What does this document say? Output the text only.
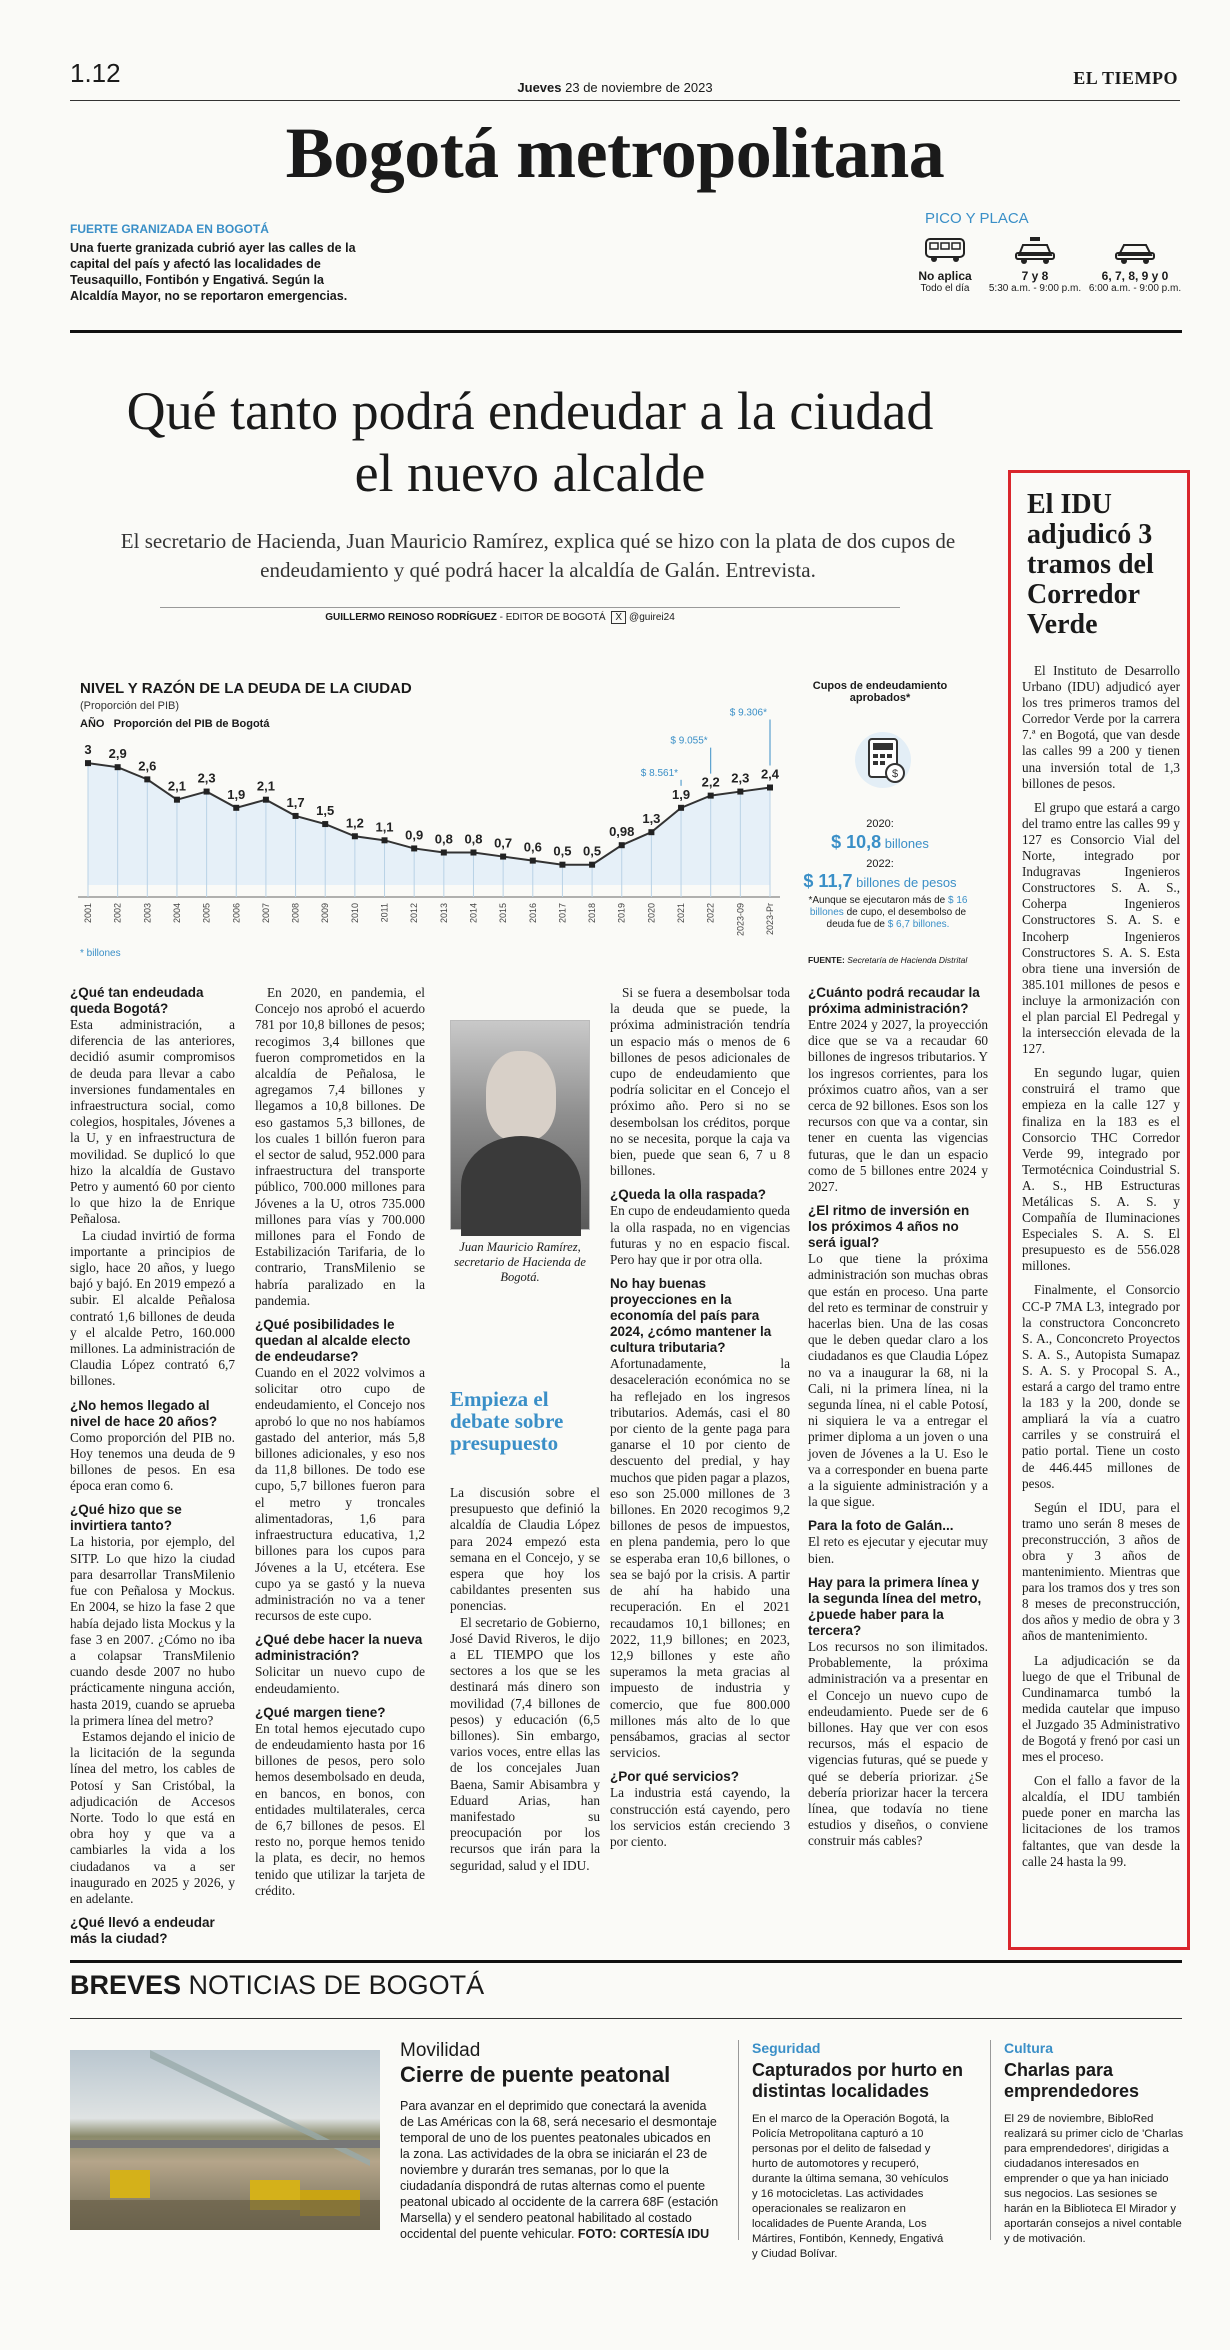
1.12	Jueves 23 de noviembre de 2023	EL TIEMPO
Bogotá metropolitana
FUERTE GRANIZADA EN BOGOTÁ
Una fuerte granizada cubrió ayer las calles de la capital del país y afectó las localidades de Teusaquillo, Fontibón y Engativá. Según la Alcaldía Mayor, no se reportaron emergencias.
PICO Y PLACA
No aplica
Todo el día
7 y 8
5:30 a.m. - 9:00 p.m.
6, 7, 8, 9 y 0
6:00 a.m. - 9:00 p.m.
Qué tanto podrá endeudar a la ciudad el nuevo alcalde
El secretario de Hacienda, Juan Mauricio Ramírez, explica qué se hizo con la plata de dos cupos de endeudamiento y qué podrá hacer la alcaldía de Galán. Entrevista.
GUILLERMO REINOSO RODRÍGUEZ - EDITOR DE BOGOTÁ X @guirei24
NIVEL Y RAZÓN DE LA DEUDA DE LA CIUDAD
(Proporción del PIB)
AÑO Proporción del PIB de Bogotá
3
2001
2,9
2002
2,6
2003
2,1
2004
2,3
2005
1,9
2006
2,1
2007
1,7
2008
1,5
2009
1,2
2010
1,1
2011
0,9
2012
0,8
2013
0,8
2014
0,7
2015
0,6
2016
0,5
2017
0,5
2018
0,98
2019
1,3
2020
1,9
2021
2,2
2022
2,3
2023-09
2,4
2023-Pr
$ 8.561*
$ 9.055*
$ 9.306*
* billones
Cupos de endeudamiento aprobados*
$
2020:
$ 10,8 billones
2022:
$ 11,7 billones de pesos
*Aunque se ejecutaron más de $ 16 billones de cupo, el desembolso de deuda fue de $ 6,7 billones.
FUENTE: Secretaría de Hacienda Distrital
¿Qué tan endeudada queda Bogotá?

Esta administración, a diferencia de las anteriores, decidió asumir compromisos de deuda para llevar a cabo inversiones fundamentales en infraestructura social, como colegios, hospitales, Jóvenes a la U, y en infraestructura de movilidad. Se duplicó lo que hizo la alcaldía de Gustavo Petro y aumentó 60 por ciento lo que hizo la de Enrique Peñalosa.

La ciudad invirtió de forma importante a principios de siglo, hace 20 años, y luego bajó y bajó. En 2019 empezó a subir. El alcalde Peñalosa contrató 1,6 billones de deuda y el alcalde Petro, 160.000 millones. La administración de Claudia López contrató 6,7 billones.

¿No hemos llegado al nivel de hace 20 años?

Como proporción del PIB no. Hoy tenemos una deuda de 9 billones de pesos. En esa época eran como 6.

¿Qué hizo que se invirtiera tanto?

La historia, por ejemplo, del SITP. Lo que hizo la ciudad para desarrollar TransMilenio fue con Peñalosa y Mockus. En 2004, se hizo la fase 2 que había dejado lista Mockus y la fase 3 en 2007. ¿Cómo no iba a colapsar TransMilenio cuando desde 2007 no hubo prácticamente ninguna acción, hasta 2019, cuando se aprueba la primera línea del metro?

Estamos dejando el inicio de la licitación de la segunda línea del metro, los cables de Potosí y San Cristóbal, la adjudicación de Accesos Norte. Todo lo que está en obra hoy y que va a cambiarles la vida a los ciudadanos va a ser inaugurado en 2025 y 2026, y en adelante.

¿Qué llevó a endeudar más la ciudad?

En 2020, en pandemia, el Concejo nos aprobó el acuerdo 781 por 10,8 billones de pesos; recogimos 3,4 billones que fueron comprometidos en la alcaldía de Peñalosa, le agregamos 7,4 billones y llegamos a 10,8 billones. De eso gastamos 5,3 billones, de los cuales 1 billón fueron para el sector de salud, 952.000 para infraestructura del transporte público, 700.000 millones para Jóvenes a la U, otros 735.000 millones para vías y 700.000 millones para el Fondo de Estabilización Tarifaria, de lo contrario, TransMilenio se habría paralizado en la pandemia.

¿Qué posibilidades le quedan al alcalde electo de endeudarse?

Cuando en el 2022 volvimos a solicitar otro cupo de endeudamiento, el Concejo nos aprobó lo que no nos habíamos gastado del anterior, más 5,8 billones adicionales, y eso nos da 11,8 billones. De todo ese cupo, 5,7 billones fueron para el metro y troncales alimentadoras, 1,6 para infraestructura educativa, 1,2 billones para los cupos para Jóvenes a la U, etcétera. Ese cupo ya se gastó y la nueva administración no va a tener recursos de este cupo.

¿Qué debe hacer la nueva administración?

Solicitar un nuevo cupo de endeudamiento.

¿Qué margen tiene?

En total hemos ejecutado cupo de endeudamiento hasta por 16 billones de pesos, pero solo hemos desembolsado en deuda, en bancos, en bonos, con entidades multilaterales, cerca de 6,7 billones de pesos. El resto no, porque hemos tenido la plata, es decir, no hemos tenido que utilizar la tarjeta de crédito.

Juan Mauricio Ramírez, secretario de Hacienda de Bogotá.
Empieza el debate sobre presupuesto

La discusión sobre el presupuesto que definió la alcaldía de Claudia López para 2024 empezó esta semana en el Concejo, y se espera que hoy los cabildantes presenten sus ponencias.

El secretario de Gobierno, José David Riveros, le dijo a EL TIEMPO que los sectores a los que se les destinará más dinero son movilidad (7,4 billones de pesos) y educación (6,5 billones). Sin embargo, varios voces, entre ellas las de los concejales Juan Baena, Samir Abisambra y Eduard Arias, han manifestado su preocupación por los recursos que irán para la seguridad, salud y el IDU.

Si se fuera a desembolsar toda la deuda que se puede, la próxima administración tendría un espacio más o menos de 6 billones de pesos adicionales de cupo de endeudamiento que podría solicitar en el Concejo el próximo año. Pero si no se desembolsan los créditos, porque no se necesita, porque la caja va bien, puede que sean 6, 7 u 8 billones.

¿Queda la olla raspada?

En cupo de endeudamiento queda la olla raspada, no en vigencias futuras y no en espacio fiscal. Pero hay que ir por otra olla.

No hay buenas proyecciones en la economía del país para 2024, ¿cómo mantener la cultura tributaria?

Afortunadamente, la desaceleración económica no se ha reflejado en los ingresos tributarios. Además, casi el 80 por ciento de la gente paga para ganarse el 10 por ciento de descuento del predial, y hay muchos que piden pagar a plazos, eso son 25.000 millones de 3 billones. En 2020 recogimos 9,2 billones de pesos de impuestos, en plena pandemia, pero lo que se esperaba eran 10,6 billones, o sea se bajó por la crisis. A partir de ahí ha habido una recuperación. En el 2021 recaudamos 10,1 billones; en 2022, 11,9 billones; en 2023, 12,9 billones y este año superamos la meta gracias al impuesto de industria y comercio, que fue 800.000 millones más alto de lo que pensábamos, gracias al sector servicios.

¿Por qué servicios?

La industria está cayendo, la construcción está cayendo, pero los servicios están creciendo 3 por ciento.

¿Cuánto podrá recaudar la próxima administración?

Entre 2024 y 2027, la proyección dice que se va a recaudar 60 billones de ingresos tributarios. Y los ingresos corrientes, para los próximos cuatro años, van a ser cerca de 92 billones. Esos son los recursos con que va a contar, sin tener en cuenta las vigencias futuras, que le dan un espacio como de 5 billones entre 2024 y 2027.

¿El ritmo de inversión en los próximos 4 años no será igual?

Lo que tiene la próxima administración son muchas obras que están en proceso. Una parte del reto es terminar de construir y hacerlas bien. Una de las cosas que le deben quedar claro a los ciudadanos es que Claudia López no va a inaugurar la 68, ni la Cali, ni la primera línea, ni la segunda línea, ni el cable Potosí, ni siquiera le va a entregar el primer diploma a un joven o una joven de Jóvenes a la U. Eso le va a corresponder en buena parte a la siguiente administración y a la que sigue.

Para la foto de Galán...

El reto es ejecutar y ejecutar muy bien.

Hay para la primera línea y la segunda línea del metro, ¿puede haber para la tercera?

Los recursos no son ilimitados. Probablemente, la próxima administración va a presentar en el Concejo un nuevo cupo de endeudamiento. Puede ser de 6 billones. Hay que ver con esos recursos, más el espacio de vigencias futuras, qué se puede y qué se debería priorizar. ¿Se debería priorizar hacer la tercera línea, que todavía no tiene estudios y diseños, o conviene construir más cables?

El IDU adjudicó 3 tramos del Corredor Verde

El Instituto de Desarrollo Urbano (IDU) adjudicó ayer los tres primeros tramos del Corredor Verde por la carrera 7.ª en Bogotá, que van desde las calles 99 a 200 y tienen una inversión total de 1,3 billones de pesos.

El grupo que estará a cargo del tramo entre las calles 99 y 127 es Consorcio Vial del Norte, integrado por Indugravas Ingenieros Constructores S. A. S., Coherpa Ingenieros Constructores S. A. S. e Incoherp Ingenieros Constructores S. A. S. Esta obra tiene una inversión de 385.101 millones de pesos e incluye la armonización con el plan parcial El Pedregal y la intersección elevada de la 127.

En segundo lugar, quien construirá el tramo que empieza en la calle 127 y finaliza en la 183 es el Consorcio THC Corredor Verde 99, integrado por Termotécnica Coindustrial S. A. S., HB Estructuras Metálicas S. A. S. y Compañía de Iluminaciones Especiales S. A. S. El presupuesto es de 556.028 millones.

Finalmente, el Consorcio CC-P 7MA L3, integrado por la constructora Conconcreto S. A., Conconcreto Proyectos S. A. S., Autopista Sumapaz S. A. S. y Procopal S. A., estará a cargo del tramo entre la 183 y la 200, donde se ampliará la vía a cuatro carriles y se construirá el patio portal. Tiene un costo de 446.445 millones de pesos.

Según el IDU, para el tramo uno serán 8 meses de preconstrucción, 3 años de obra y 3 años de mantenimiento. Mientras que para los tramos dos y tres son 8 meses de preconstrucción, dos años y medio de obra y 3 años de mantenimiento.

La adjudicación se da luego de que el Tribunal de Cundinamarca tumbó la medida cautelar que impuso el Juzgado 35 Administrativo de Bogotá y frenó por casi un mes el proceso.

Con el fallo a favor de la alcaldía, el IDU también puede poner en marcha las licitaciones de los tramos faltantes, que van desde la calle 24 hasta la 99.

BREVES NOTICIAS DE BOGOTÁ
Movilidad
Cierre de puente peatonal
Para avanzar en el deprimido que conectará la avenida de Las Américas con la 68, será necesario el desmontaje temporal de uno de los puentes peatonales ubicados en la zona. Las actividades de la obra se iniciarán el 23 de noviembre y durarán tres semanas, por lo que la ciudadanía dispondrá de rutas alternas como el puente peatonal ubicado al occidente de la carrera 68F (estación Marsella) y el sendero peatonal habilitado al costado occidental del puente vehicular. FOTO: CORTESÍA IDU
Seguridad
Capturados por hurto en distintas localidades
En el marco de la Operación Bogotá, la Policía Metropolitana capturó a 10 personas por el delito de falsedad y hurto de automotores y recuperó, durante la última semana, 30 vehículos y 16 motocicletas. Las actividades operacionales se realizaron en localidades de Puente Aranda, Los Mártires, Fontibón, Kennedy, Engativá y Ciudad Bolívar.
Cultura
Charlas para emprendedores
El 29 de noviembre, BibloRed realizará su primer ciclo de 'Charlas para emprendedores', dirigidas a ciudadanos interesados en emprender o que ya han iniciado sus negocios. Las sesiones se harán en la Biblioteca El Mirador y aportarán consejos a nivel contable y de motivación.
